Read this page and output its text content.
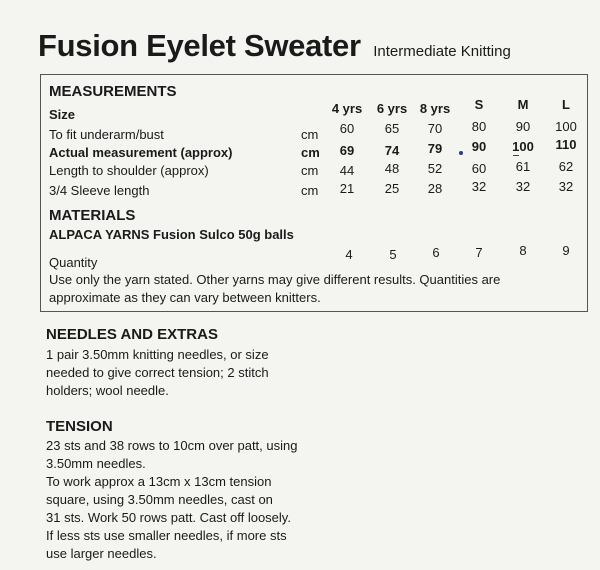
Fusion Eyelet Sweater Intermediate Knitting
MEASUREMENTS
Size	4 yrs	6 yrs 8 yrs	S	M	L
To fit underarm/bust	cm	60	65	70	80	90	100
Actual measurement (approx)	cm	69	74	79	90	100	110
Length to shoulder (approx)	cm	44	48	52	60	61	62
3/4 Sleeve length	cm	21	25	28	32	32	32
MATERIALS
ALPACA YARNS Fusion Sulco 50g balls
Quantity
4	5	6	7	8	9
Use only the yarn stated. Other yarns may give different results. Quantities are
approximate as they can vary between knitters.
NEEDLES AND EXTRAS
1 pair 3.50mm knitting needles, or size
needed to give correct tension; 2 stitch
holders; wool needle.
TENSION
23 sts and 38 rows to 10cm over patt, using
3.50mm needles.
To work approx a 13cm x 13cm tension
square, using 3.50mm needles, cast on
31 sts. Work 50 rows patt. Cast off loosely.
If less sts use smaller needles, if more sts
use larger needles.
